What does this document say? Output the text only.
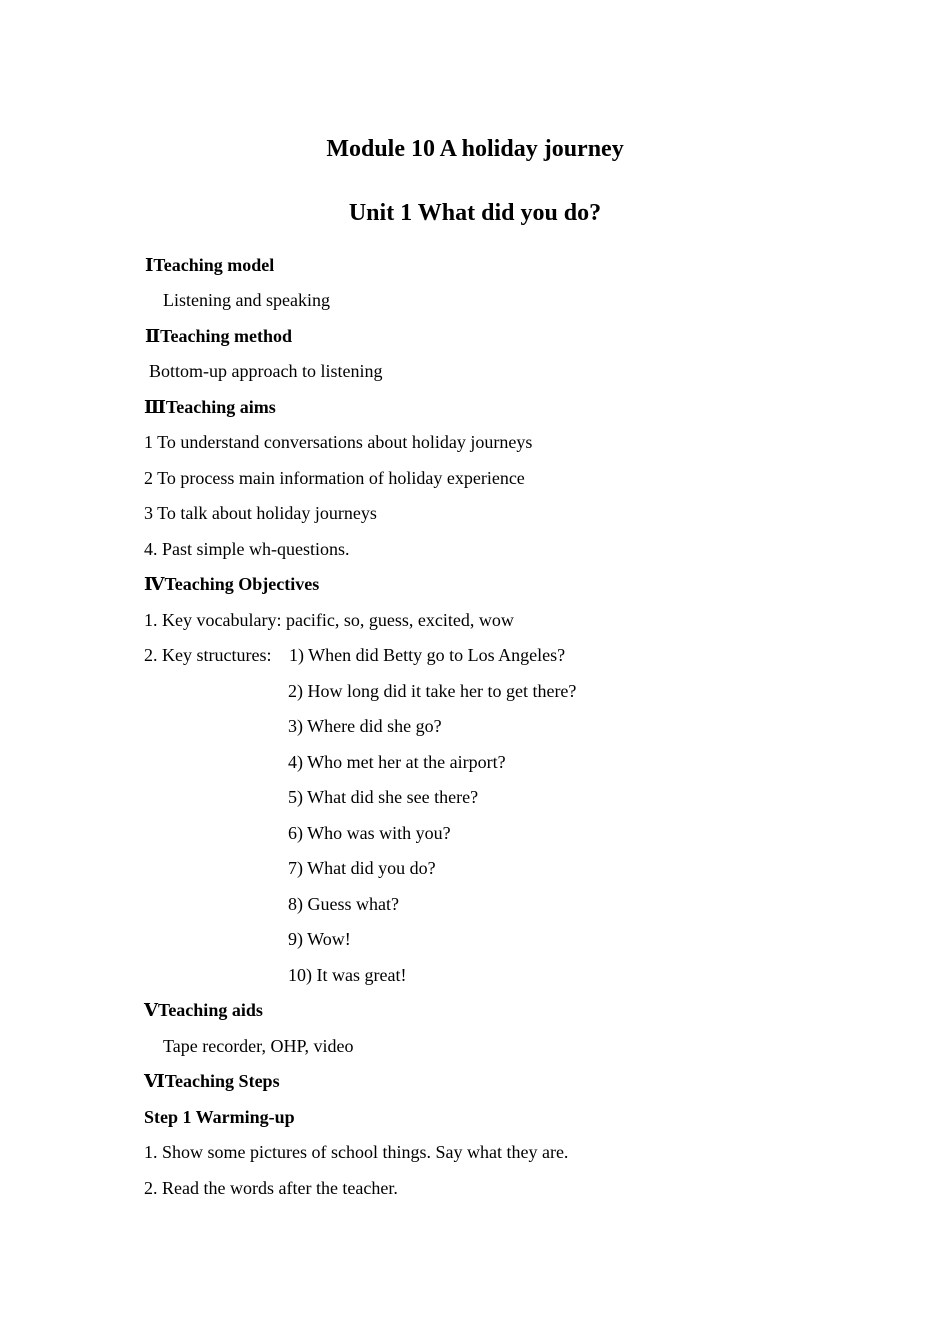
Module 10 A holiday journey
Unit 1 What did you do?
ⅠTeaching model
Listening and speaking
ⅡTeaching method
Bottom-up approach to listening
ⅢTeaching aims
1 To understand conversations about holiday journeys
2 To process main information of holiday experience
3 To talk about holiday journeys
4. Past simple wh-questions.
ⅣTeaching Objectives
1. Key vocabulary: pacific, so, guess, excited, wow
2. Key structures: 1) When did Betty go to Los Angeles?
2) How long did it take her to get there?
3) Where did she go?
4) Who met her at the airport?
5) What did she see there?
6) Who was with you?
7) What did you do?
8) Guess what?
9) Wow!
10) It was great!
ⅤTeaching aids
Tape recorder, OHP, video
ⅥTeaching Steps
Step 1 Warming-up
1. Show some pictures of school things. Say what they are.
2. Read the words after the teacher.
